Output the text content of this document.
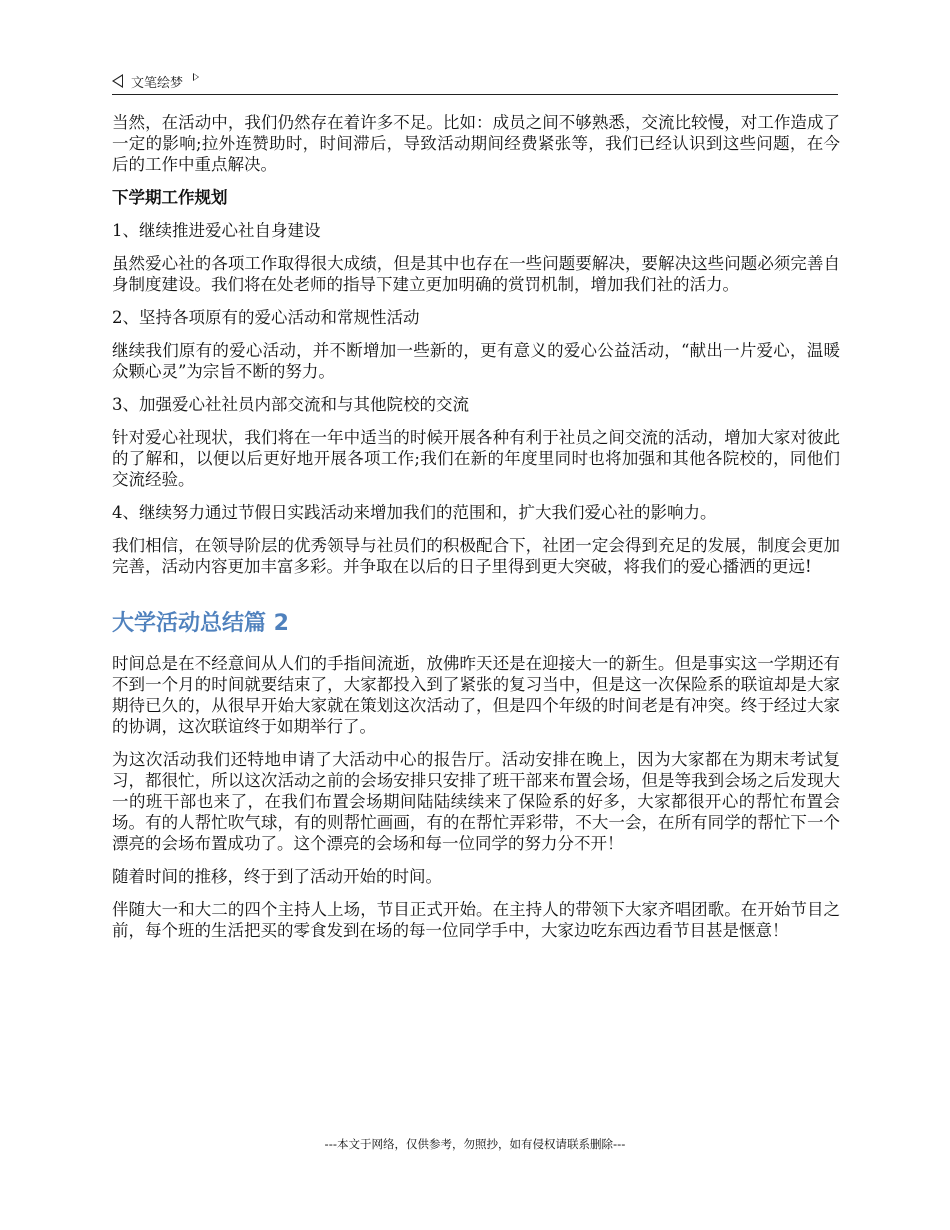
文笔绘梦

当然，在活动中，我们仍然存在着许多不足。比如：成员之间不够熟悉，交流比较慢，对工作造成了一定的影响;拉外连赞助时，时间滞后，导致活动期间经费紧张等，我们已经认识到这些问题，在今后的工作中重点解决。

下学期工作规划

1、继续推进爱心社自身建设

虽然爱心社的各项工作取得很大成绩，但是其中也存在一些问题要解决，要解决这些问题必须完善自身制度建设。我们将在处老师的指导下建立更加明确的赏罚机制，增加我们社的活力。

2、坚持各项原有的爱心活动和常规性活动

继续我们原有的爱心活动，并不断增加一些新的，更有意义的爱心公益活动，“献出一片爱心，温暖众颗心灵”为宗旨不断的努力。

3、加强爱心社社员内部交流和与其他院校的交流

针对爱心社现状，我们将在一年中适当的时候开展各种有利于社员之间交流的活动，增加大家对彼此的了解和，以便以后更好地开展各项工作;我们在新的年度里同时也将加强和其他各院校的，同他们交流经验。

4、继续努力通过节假日实践活动来增加我们的范围和，扩大我们爱心社的影响力。

我们相信，在领导阶层的优秀领导与社员们的积极配合下，社团一定会得到充足的发展，制度会更加完善，活动内容更加丰富多彩。并争取在以后的日子里得到更大突破，将我们的爱心播洒的更远!

大学活动总结篇 2

时间总是在不经意间从人们的手指间流逝，放佛昨天还是在迎接大一的新生。但是事实这一学期还有不到一个月的时间就要结束了，大家都投入到了紧张的复习当中，但是这一次保险系的联谊却是大家期待已久的，从很早开始大家就在策划这次活动了，但是四个年级的时间老是有冲突。终于经过大家的协调，这次联谊终于如期举行了。

为这次活动我们还特地申请了大活动中心的报告厅。活动安排在晚上，因为大家都在为期末考试复习，都很忙，所以这次活动之前的会场安排只安排了班干部来布置会场，但是等我到会场之后发现大一的班干部也来了，在我们布置会场期间陆陆续续来了保险系的好多，大家都很开心的帮忙布置会场。有的人帮忙吹气球，有的则帮忙画画，有的在帮忙弄彩带，不大一会，在所有同学的帮忙下一个漂亮的会场布置成功了。这个漂亮的会场和每一位同学的努力分不开！

随着时间的推移，终于到了活动开始的时间。

伴随大一和大二的四个主持人上场，节目正式开始。在主持人的带领下大家齐唱团歌。在开始节目之前，每个班的生活把买的零食发到在场的每一位同学手中，大家边吃东西边看节目甚是惬意！

---本文于网络，仅供参考，勿照抄，如有侵权请联系删除---
